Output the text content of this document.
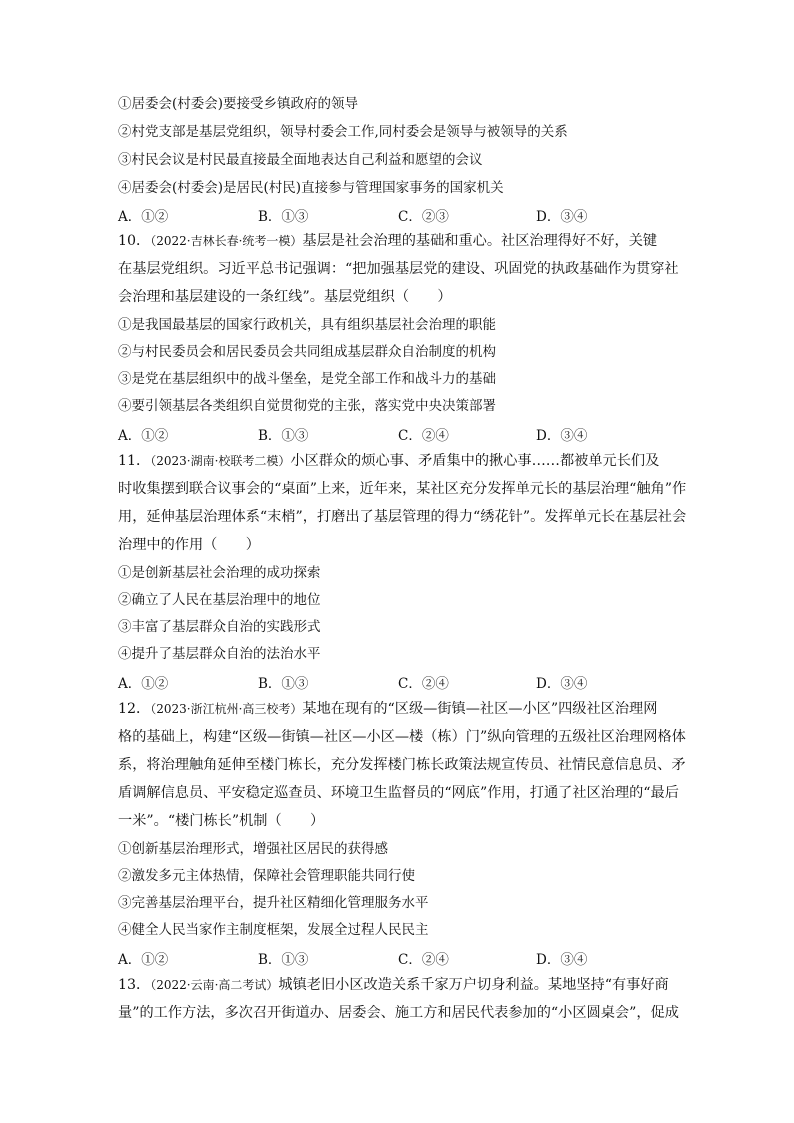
①居委会(村委会)要接受乡镇政府的领导
②村党支部是基层党组织，领导村委会工作,同村委会是领导与被领导的关系
③村民会议是村民最直接最全面地表达自己利益和愿望的会议
④居委会(村委会)是居民(村民)直接参与管理国家事务的国家机关
A．①②	B．①③	C．②③	D．③④
10．（2022·吉林长春·统考一模）基层是社会治理的基础和重心。社区治理得好不好，关键
在基层党组织。习近平总书记强调：“把加强基层党的建设、巩固党的执政基础作为贯穿社
会治理和基层建设的一条红线”。基层党组织（　　）
①是我国最基层的国家行政机关，具有组织基层社会治理的职能
②与村民委员会和居民委员会共同组成基层群众自治制度的机构
③是党在基层组织中的战斗堡垒，是党全部工作和战斗力的基础
④要引领基层各类组织自觉贯彻党的主张，落实党中央决策部署
A．①②	B．①③	C．②④	D．③④
11．（2023·湖南·校联考二模）小区群众的烦心事、矛盾集中的揪心事……都被单元长们及
时收集摆到联合议事会的“桌面”上来，近年来，某社区充分发挥单元长的基层治理“触角”作
用，延伸基层治理体系“末梢”，打磨出了基层管理的得力“绣花针”。发挥单元长在基层社会
治理中的作用（　　）
①是创新基层社会治理的成功探索
②确立了人民在基层治理中的地位
③丰富了基层群众自治的实践形式
④提升了基层群众自治的法治水平
A．①②	B．①③	C．②④	D．③④
12．（2023·浙江杭州·高三校考）某地在现有的“区级—街镇—社区—小区”四级社区治理网
格的基础上，构建“区级—街镇—社区—小区—楼（栋）门”纵向管理的五级社区治理网格体
系，将治理触角延伸至楼门栋长，充分发挥楼门栋长政策法规宣传员、社情民意信息员、矛
盾调解信息员、平安稳定巡查员、环境卫生监督员的“网底”作用，打通了社区治理的“最后
一米”。“楼门栋长”机制（　　）
①创新基层治理形式，增强社区居民的获得感
②激发多元主体热情，保障社会管理职能共同行使
③完善基层治理平台，提升社区精细化管理服务水平
④健全人民当家作主制度框架，发展全过程人民民主
A．①②	B．①③	C．②④	D．③④
13．（2022·云南·高二考试）城镇老旧小区改造关系千家万户切身利益。某地坚持“有事好商
量”的工作方法，多次召开街道办、居委会、施工方和居民代表参加的“小区圆桌会”，促成
